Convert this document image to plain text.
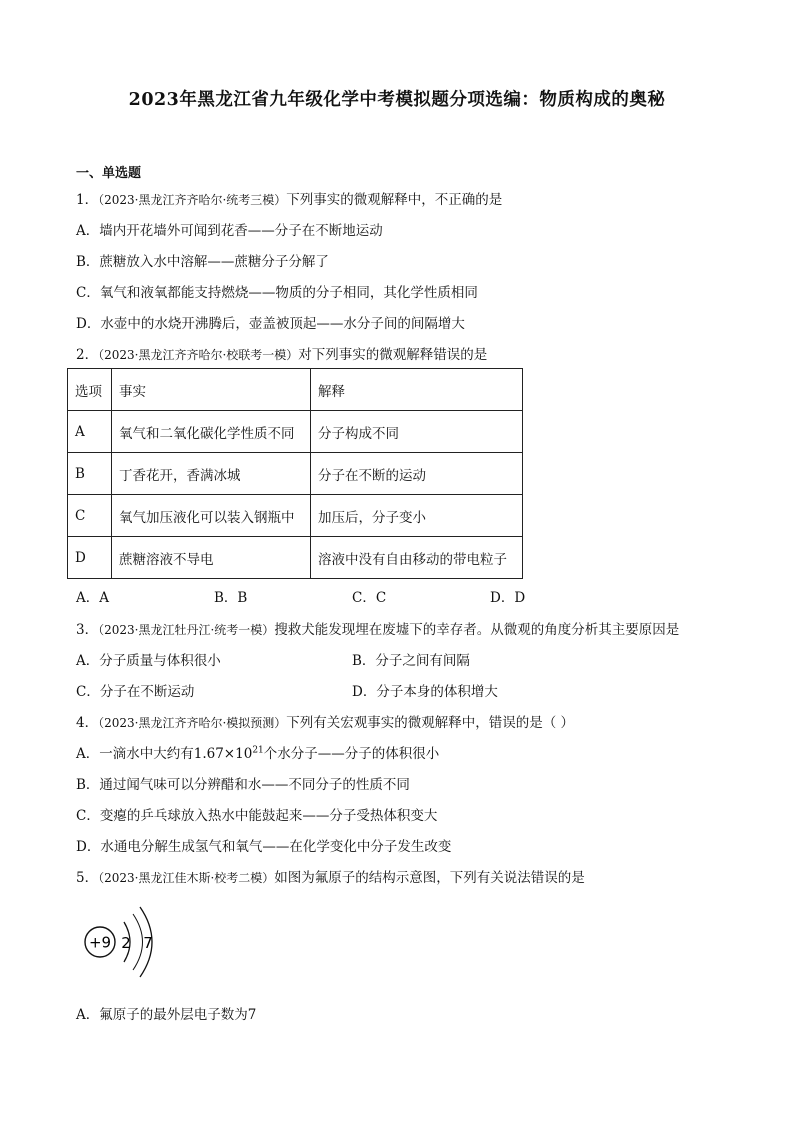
2023年黑龙江省九年级化学中考模拟题分项选编：物质构成的奥秘
一、单选题
1．（2023·黑龙江齐齐哈尔·统考三模）下列事实的微观解释中，不正确的是
A．墙内开花墙外可闻到花香——分子在不断地运动
B．蔗糖放入水中溶解——蔗糖分子分解了
C．氧气和液氧都能支持燃烧——物质的分子相同，其化学性质相同
D．水壶中的水烧开沸腾后，壶盖被顶起——水分子间的间隔增大
2．（2023·黑龙江齐齐哈尔·校联考一模）对下列事实的微观解释错误的是
选项	事实	解释
A	氧气和二氧化碳化学性质不同	分子构成不同
B	丁香花开，香满冰城	分子在不断的运动
C	氧气加压液化可以装入钢瓶中	加压后，分子变小
D	蔗糖溶液不导电	溶液中没有自由移动的带电粒子
A．A	B．B	C．C	D．D
3．（2023·黑龙江牡丹江·统考一模）搜救犬能发现埋在废墟下的幸存者。从微观的角度分析其主要原因是
A．分子质量与体积很小	B．分子之间有间隔
C．分子在不断运动	D．分子本身的体积增大
4．（2023·黑龙江齐齐哈尔·模拟预测）下列有关宏观事实的微观解释中，错误的是（ ）
A．一滴水中大约有$1.67\times 10^{21}$个水分子——分子的体积很小
B．通过闻气味可以分辨醋和水——不同分子的性质不同
C．变瘪的乒乓球放入热水中能鼓起来——分子受热体积变大
D．水通电分解生成氢气和氧气——在化学变化中分子发生改变
5．（2023·黑龙江佳木斯·校考二模）如图为氟原子的结构示意图，下列有关说法错误的是
+9 2 7
A．氟原子的最外层电子数为7
